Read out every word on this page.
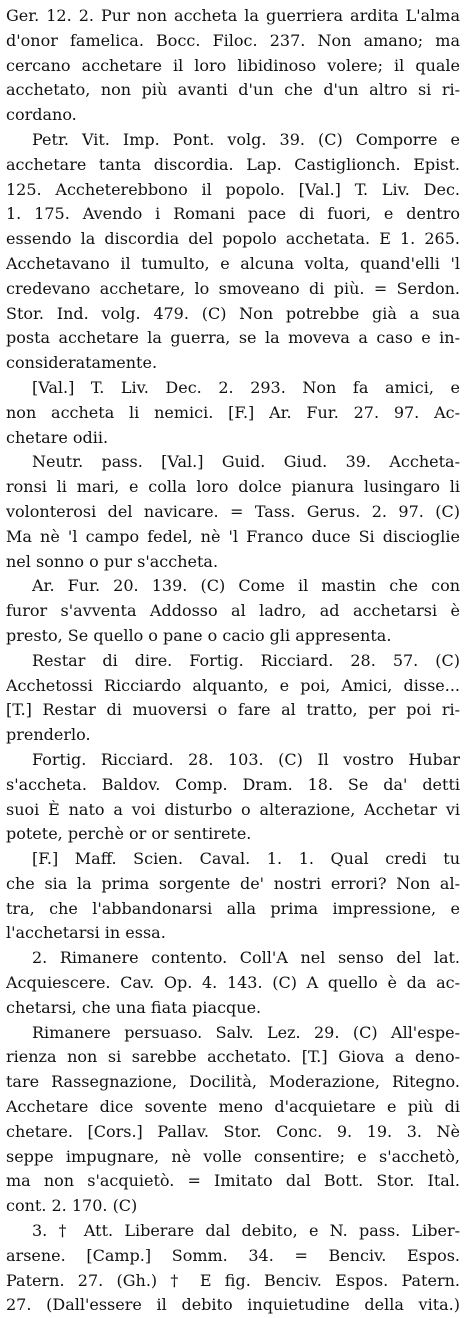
Ger. 12. 2. Pur non accheta la guerriera ardita L'alma
d'onor famelica. Bocc. Filoc. 237. Non amano; ma
cercano acchetare il loro libidinoso volere; il quale
acchetato, non più avanti d'un che d'un altro si ri-
cordano.
Petr. Vit. Imp. Pont. volg. 39. (C) Comporre e
acchetare tanta discordia. Lap. Castiglionch. Epist.
125. Accheterebbono il popolo. [Val.] T. Liv. Dec.
1. 175. Avendo i Romani pace di fuori, e dentro
essendo la discordia del popolo acchetata. E 1. 265.
Acchetavano il tumulto, e alcuna volta, quand'elli 'l
credevano acchetare, lo smoveano di più. = Serdon.
Stor. Ind. volg. 479. (C) Non potrebbe già a sua
posta acchetare la guerra, se la moveva a caso e in-
consideratamente.
[Val.] T. Liv. Dec. 2. 293. Non fa amici, e
non accheta li nemici. [F.] Ar. Fur. 27. 97. Ac-
chetare odii.
Neutr. pass. [Val.] Guid. Giud. 39. Accheta-
ronsi li mari, e colla loro dolce pianura lusingaro li
volonterosi del navicare. = Tass. Gerus. 2. 97. (C)
Ma nè 'l campo fedel, nè 'l Franco duce Si discioglie
nel sonno o pur s'accheta.
Ar. Fur. 20. 139. (C) Come il mastin che con
furor s'avventa Addosso al ladro, ad acchetarsi è
presto, Se quello o pane o cacio gli appresenta.
Restar di dire. Fortig. Ricciard. 28. 57. (C)
Acchetossi Ricciardo alquanto, e poi, Amici, disse...
[T.] Restar di muoversi o fare al tratto, per poi ri-
prenderlo.
Fortig. Ricciard. 28. 103. (C) Il vostro Hubar
s'accheta. Baldov. Comp. Dram. 18. Se da' detti
suoi È nato a voi disturbo o alterazione, Acchetar vi
potete, perchè or or sentirete.
[F.] Maff. Scien. Caval. 1. 1. Qual credi tu
che sia la prima sorgente de' nostri errori? Non al-
tra, che l'abbandonarsi alla prima impressione, e
l'acchetarsi in essa.
2. Rimanere contento. Coll'A nel senso del lat.
Acquiescere. Cav. Op. 4. 143. (C) A quello è da ac-
chetarsi, che una fiata piacque.
Rimanere persuaso. Salv. Lez. 29. (C) All'espe-
rienza non si sarebbe acchetato. [T.] Giova a deno-
tare Rassegnazione, Docilità, Moderazione, Ritegno.
Acchetare dice sovente meno d'acquietare e più di
chetare. [Cors.] Pallav. Stor. Conc. 9. 19. 3. Nè
seppe impugnare, nè volle consentire; e s'acchetò,
ma non s'acquietò. = Imitato dal Bott. Stor. Ital.
cont. 2. 170. (C)
3. † Att. Liberare dal debito, e N. pass. Liber-
arsene. [Camp.] Somm. 34. = Benciv. Espos.
Patern. 27. (Gh.) † E fig. Benciv. Espos. Patern.
27. (Dall'essere il debito inquietudine della vita.)
